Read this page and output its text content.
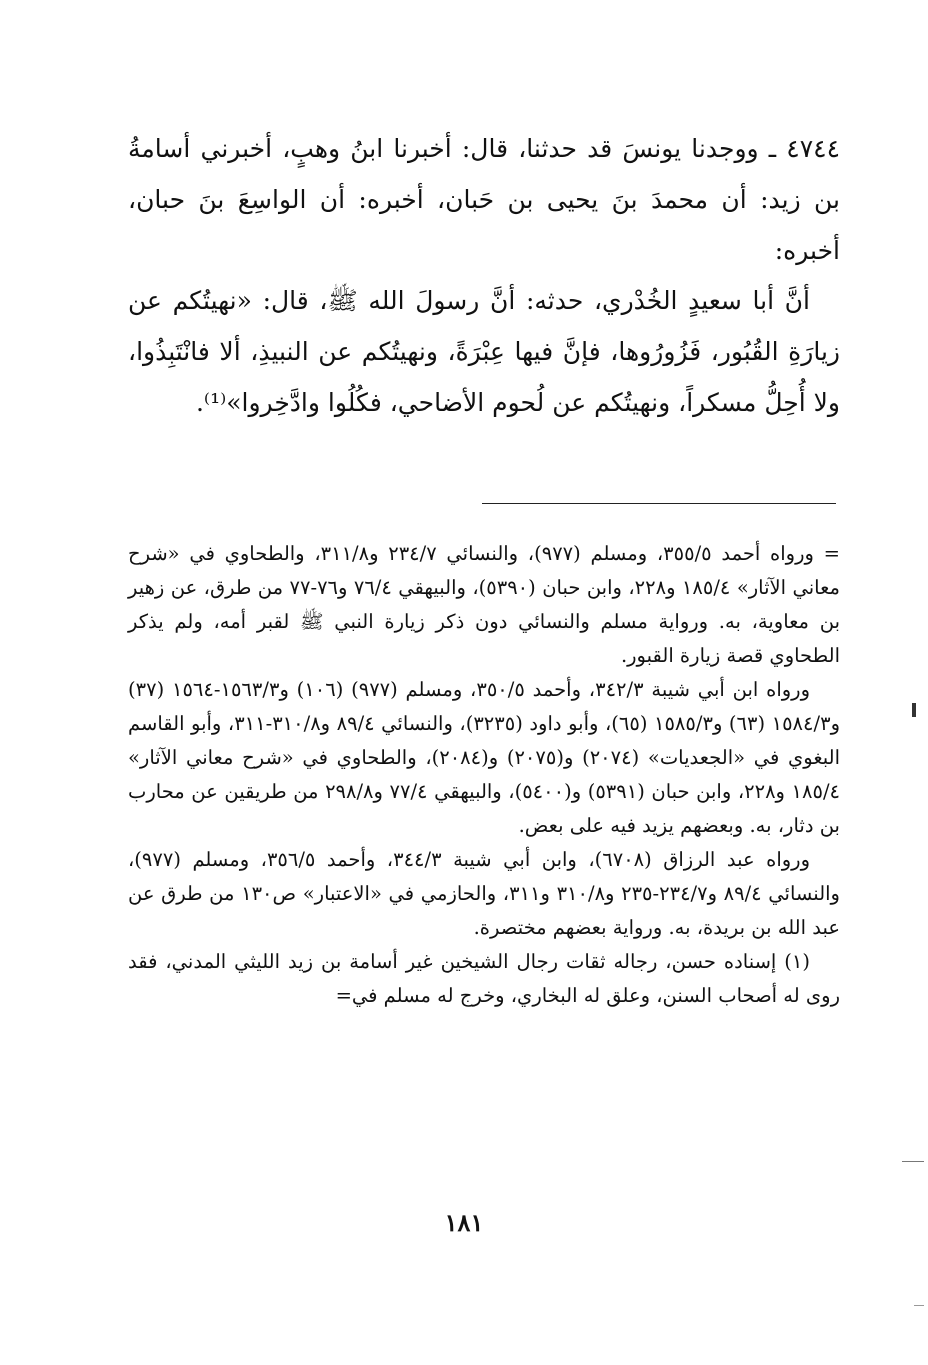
٤٧٤٤ ـ ووجدنا يونسَ قد حدثنا، قال: أخبرنا ابنُ وهبٍ، أخبرني أسامةُ بن زيد: أن محمدَ بنَ يحيى بن حَبان، أخبره: أن الواسِعَ بنَ حبان، أخبره:

أنَّ أبا سعيدٍ الخُدْري، حدثه: أنَّ رسولَ الله ﷺ، قال: «نهيتُكم عن زيارَةِ القُبُور، فَزُورُوها، فإنَّ فيها عِبْرَةً، ونهيتُكم عن النبيذِ، ألا فانْتَبِذُوا، ولا أُحِلُّ مسكراً، ونهيتُكم عن لُحوم الأضاحي، فكُلُوا وادَّخِروا»⁽¹⁾.

= ورواه أحمد ٣٥٥/٥، ومسلم (٩٧٧)، والنسائي ٢٣٤/٧ و٣١١/٨، والطحاوي في «شرح معاني الآثار» ١٨٥/٤ و٢٢٨، وابن حبان (٥٣٩٠)، والبيهقي ٧٦/٤ و٧٦-٧٧ من طرق، عن زهير بن معاوية، به. ورواية مسلم والنسائي دون ذكر زيارة النبي ﷺ لقبر أمه، ولم يذكر الطحاوي قصة زيارة القبور.

ورواه ابن أبي شيبة ٣٤٢/٣، وأحمد ٣٥٠/٥، ومسلم (٩٧٧) (١٠٦) و١٥٦٣/٣-١٥٦٤ (٣٧) و١٥٨٤/٣ (٦٣) و١٥٨٥/٣ (٦٥)، وأبو داود (٣٢٣٥)، والنسائي ٨٩/٤ و٣١٠/٨-٣١١، وأبو القاسم البغوي في «الجعديات» (٢٠٧٤) و(٢٠٧٥) و(٢٠٨٤)، والطحاوي في «شرح معاني الآثار» ١٨٥/٤ و٢٢٨، وابن حبان (٥٣٩١) و(٥٤٠٠)، والبيهقي ٧٧/٤ و٢٩٨/٨ من طريقين عن محارب بن دثار، به. وبعضهم يزيد فيه على بعض.

ورواه عبد الرزاق (٦٧٠٨)، وابن أبي شيبة ٣٤٤/٣، وأحمد ٣٥٦/٥، ومسلم (٩٧٧)، والنسائي ٨٩/٤ و٢٣٤/٧-٢٣٥ و٣١٠/٨ و٣١١، والحازمي في «الاعتبار» ص١٣٠ من طرق عن عبد الله بن بريدة، به. ورواية بعضهم مختصرة.

(١) إسناده حسن، رجاله ثقات رجال الشيخين غير أسامة بن زيد الليثي المدني، فقد روى له أصحاب السنن، وعلق له البخاري، وخرج له مسلم في=

١٨١
